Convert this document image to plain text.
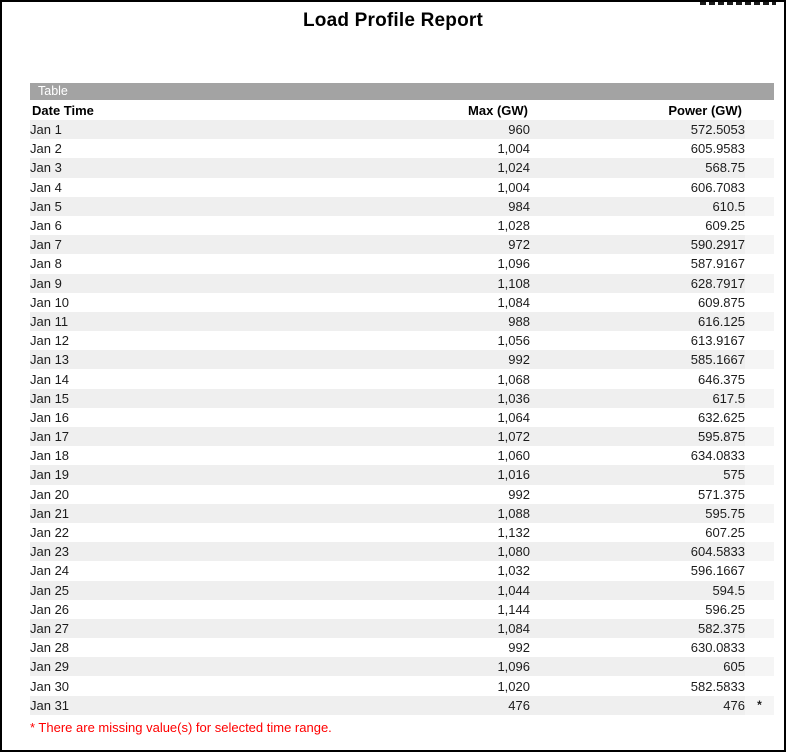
Load Profile Report
Table
Date Time	Max (GW)	Power (GW)	
Jan 1	960	572.5053	
Jan 2	1,004	605.9583	
Jan 3	1,024	568.75	
Jan 4	1,004	606.7083	
Jan 5	984	610.5	
Jan 6	1,028	609.25	
Jan 7	972	590.2917	
Jan 8	1,096	587.9167	
Jan 9	1,108	628.7917	
Jan 10	1,084	609.875	
Jan 11	988	616.125	
Jan 12	1,056	613.9167	
Jan 13	992	585.1667	
Jan 14	1,068	646.375	
Jan 15	1,036	617.5	
Jan 16	1,064	632.625	
Jan 17	1,072	595.875	
Jan 18	1,060	634.0833	
Jan 19	1,016	575	
Jan 20	992	571.375	
Jan 21	1,088	595.75	
Jan 22	1,132	607.25	
Jan 23	1,080	604.5833	
Jan 24	1,032	596.1667	
Jan 25	1,044	594.5	
Jan 26	1,144	596.25	
Jan 27	1,084	582.375	
Jan 28	992	630.0833	
Jan 29	1,096	605	
Jan 30	1,020	582.5833	
Jan 31	476	476	*
* There are missing value(s) for selected time range.
